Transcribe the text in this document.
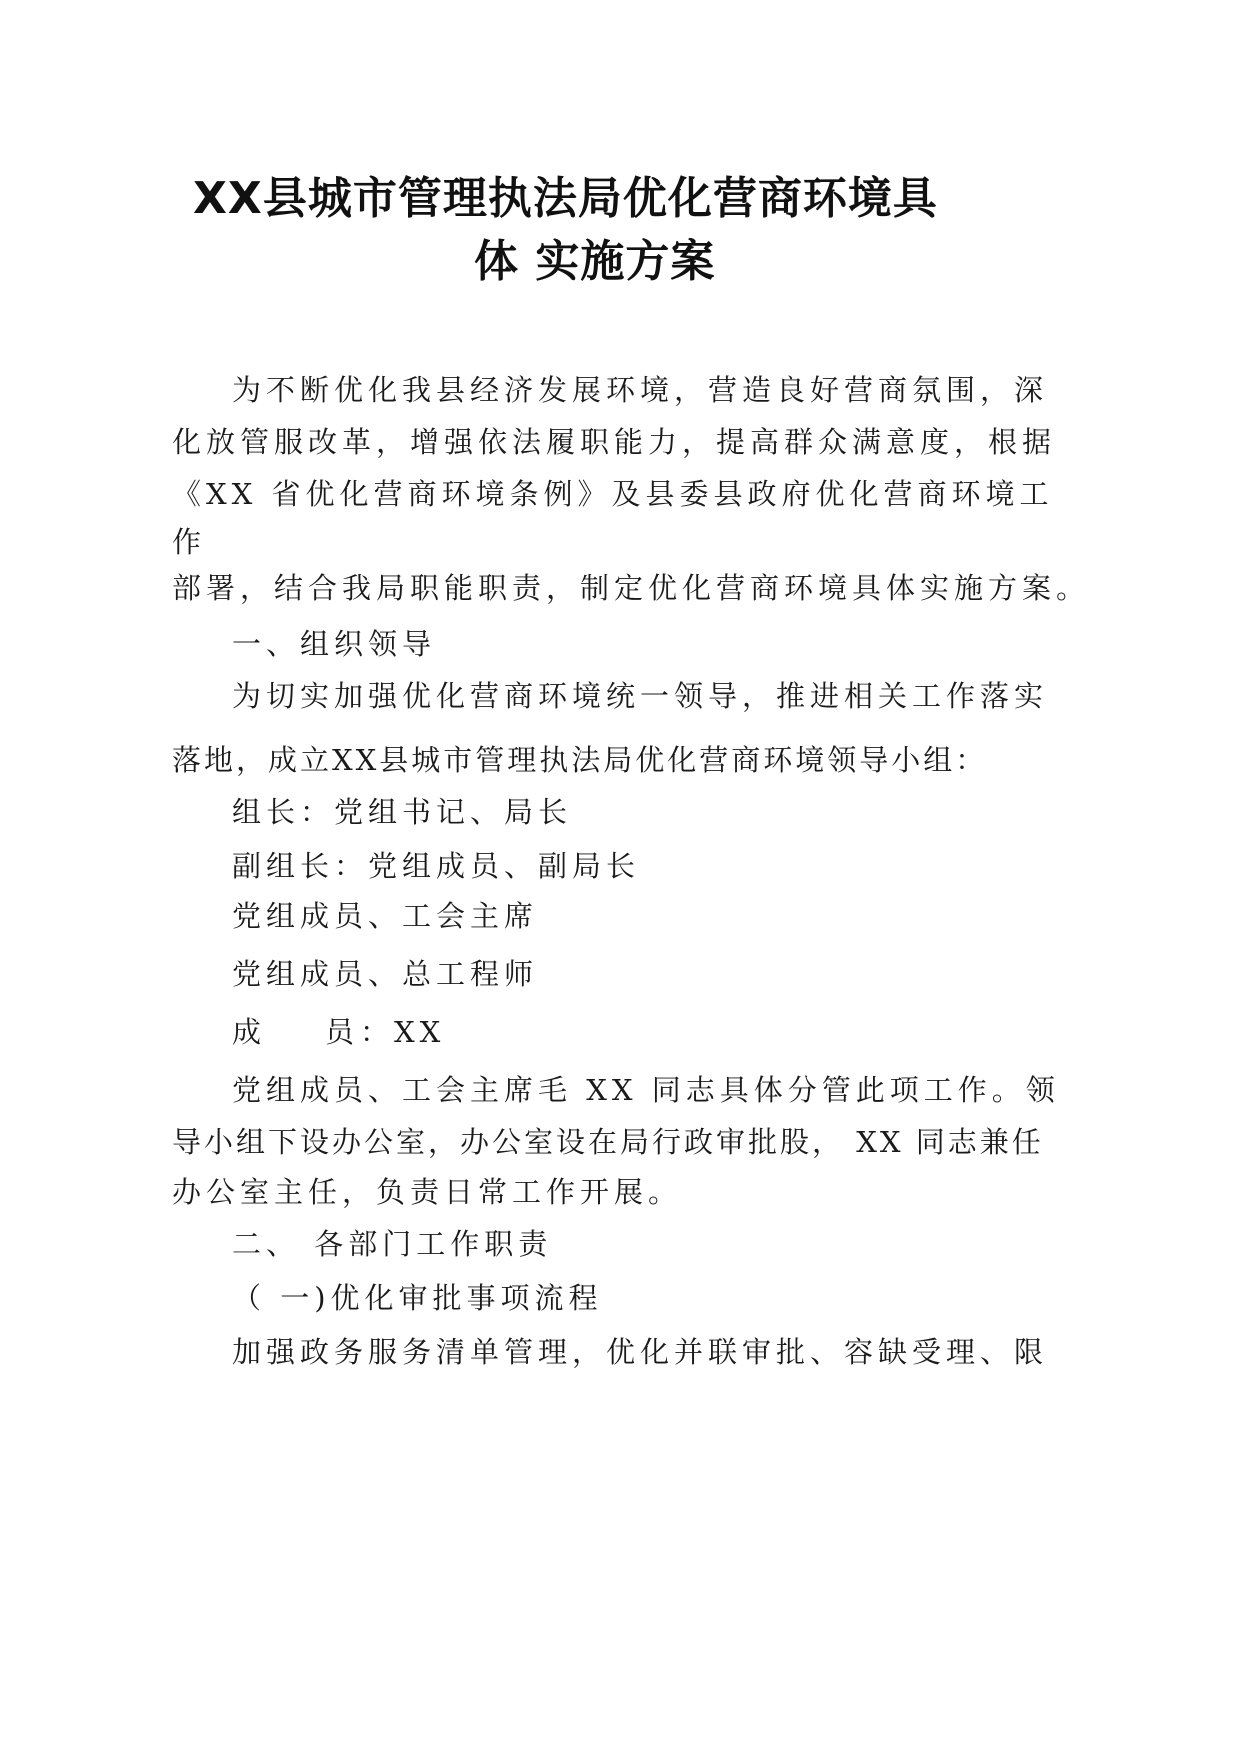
XX县城市管理执法局优化营商环境具
体 实施方案
为不断优化我县经济发展环境，营造良好营商氛围，深
化放管服改革，增强依法履职能力，提高群众满意度，根据
《XX 省优化营商环境条例》及县委县政府优化营商环境工
作
部署，结合我局职能职责，制定优化营商环境具体实施方案。
一、组织领导
为切实加强优化营商环境统一领导，推进相关工作落实
落地，成立XX县城市管理执法局优化营商环境领导小组：
组长：党组书记、局长
副组长：党组成员、副局长
党组成员、工会主席
党组成员、总工程师
成 员 ：XX
党组成员、工会主席毛 XX 同志具体分管此项工作。领
导小组下设办公室，办公室设在局行政审批股， XX 同志兼任
办公室主任，负责日常工作开展。
二、 各部门工作职责
（ 一)优化审批事项流程
加强政务服务清单管理，优化并联审批、容缺受理、限
